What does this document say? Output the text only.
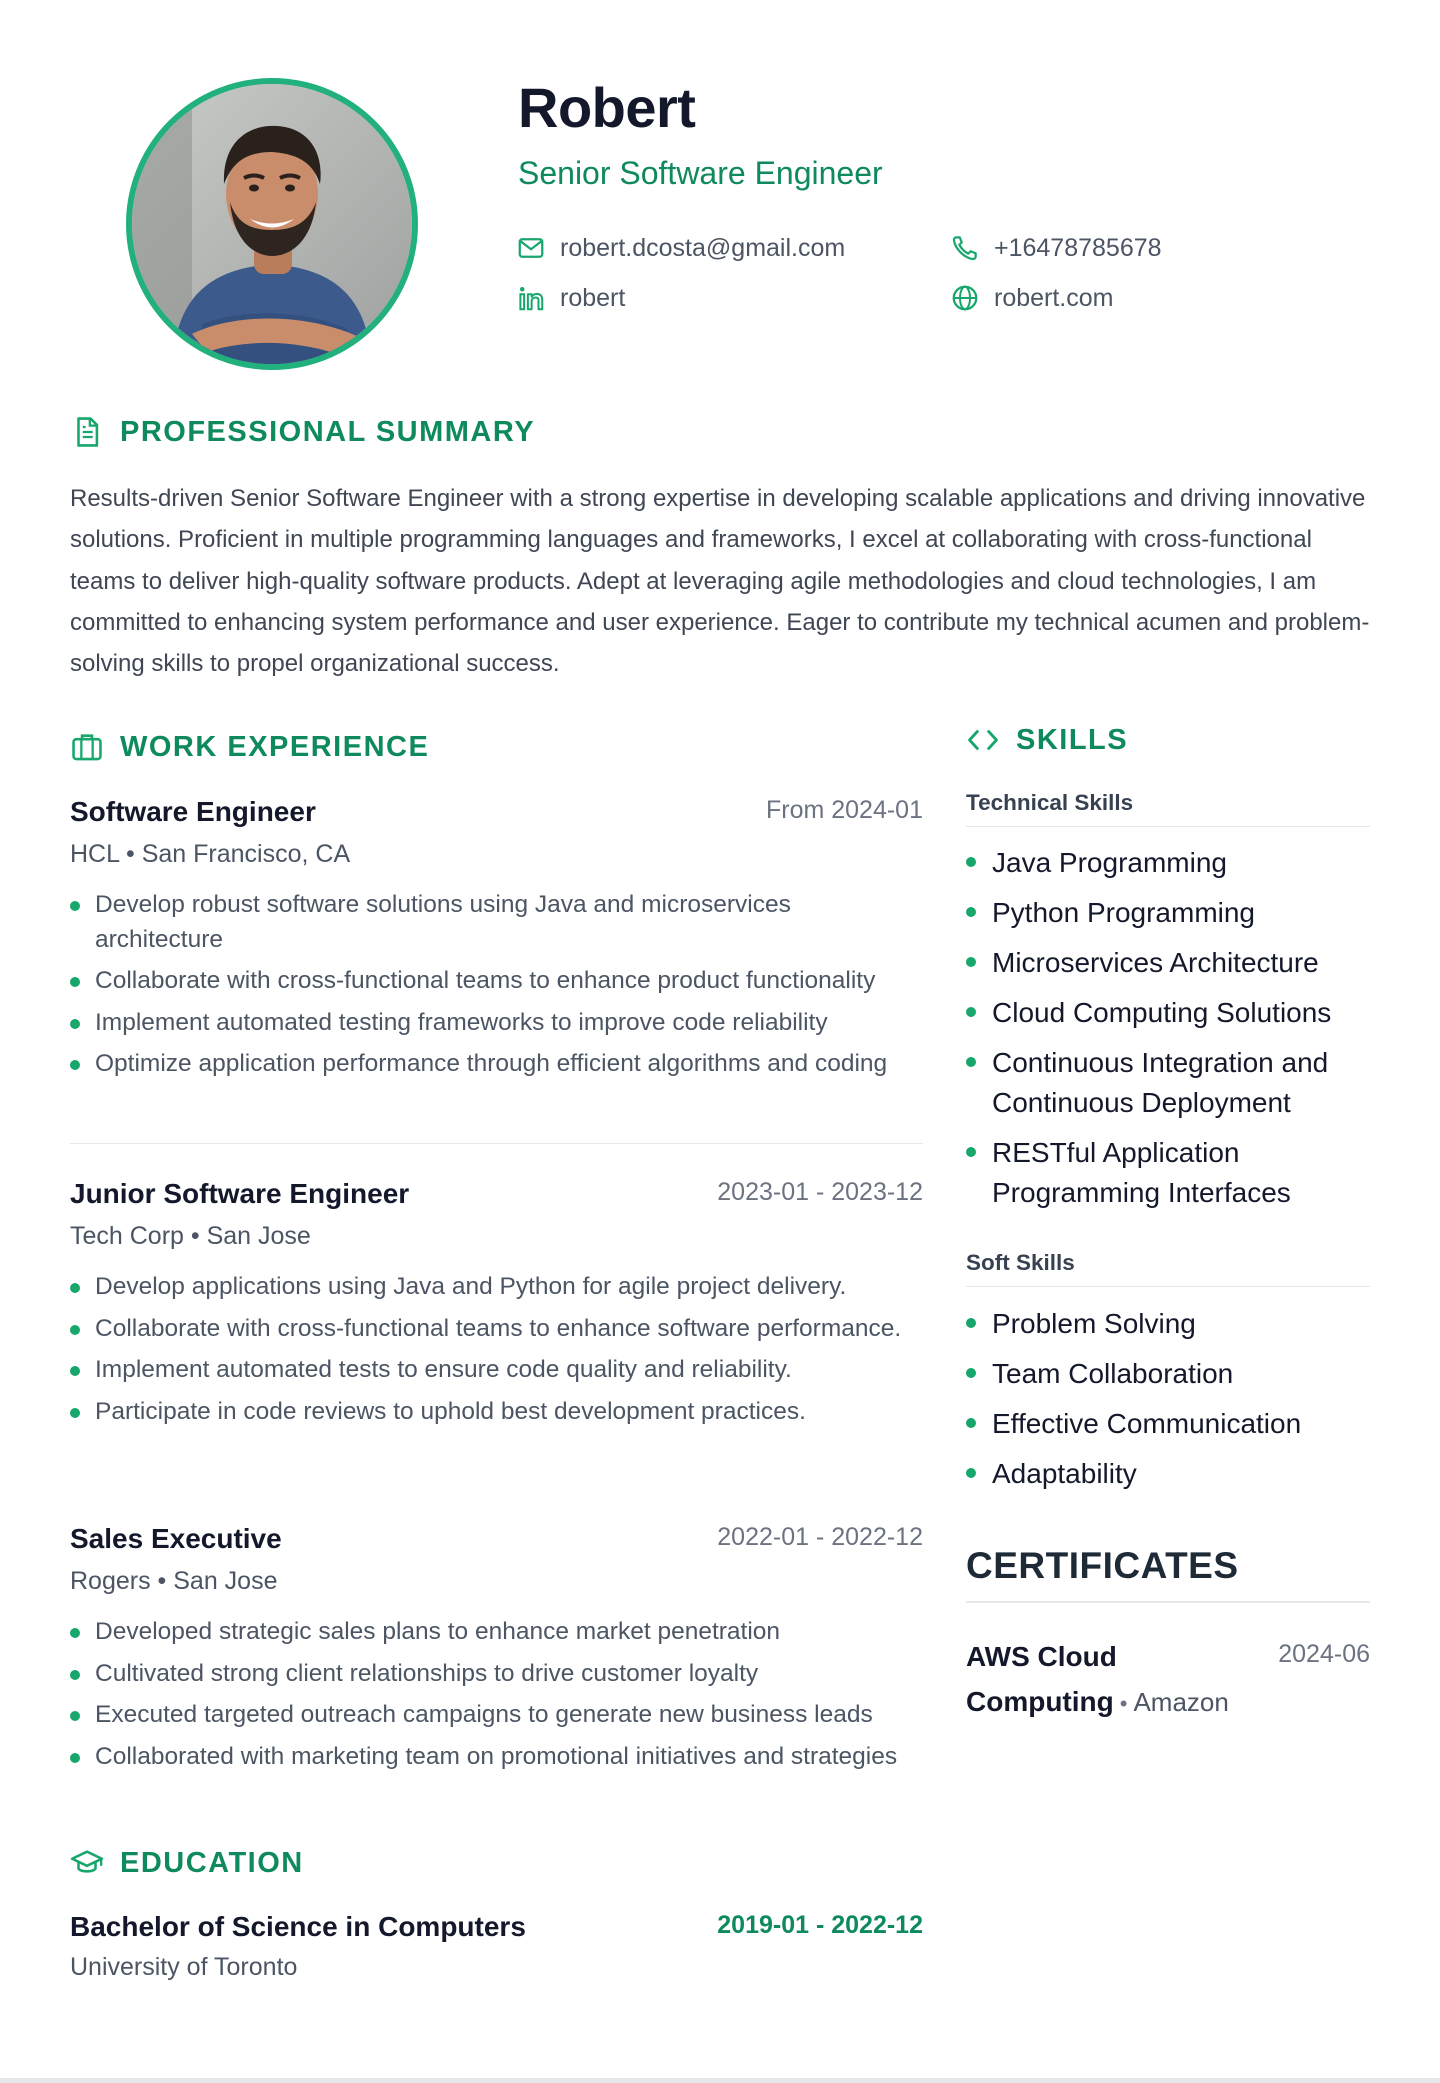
Robert
Senior Software Engineer
robert.dcosta@gmail.com	+16478785678
robert	robert.com
PROFESSIONAL SUMMARY

Results-driven Senior Software Engineer with a strong expertise in developing scalable applications and driving innovative solutions. Proficient in multiple programming languages and frameworks, I excel at collaborating with cross-functional teams to deliver high-quality software products. Adept at leveraging agile methodologies and cloud technologies, I am committed to enhancing system performance and user experience. Eager to contribute my technical acumen and problem-solving skills to propel organizational success.

WORK EXPERIENCE
Software Engineer	From 2024-01
HCL • San Francisco, CA
Develop robust software solutions using Java and microservices architecture
Collaborate with cross-functional teams to enhance product functionality
Implement automated testing frameworks to improve code reliability
Optimize application performance through efficient algorithms and coding
Junior Software Engineer	2023-01 - 2023-12
Tech Corp • San Jose
Develop applications using Java and Python for agile project delivery.
Collaborate with cross-functional teams to enhance software performance.
Implement automated tests to ensure code quality and reliability.
Participate in code reviews to uphold best development practices.
Sales Executive	2022-01 - 2022-12
Rogers • San Jose
Developed strategic sales plans to enhance market penetration
Cultivated strong client relationships to drive customer loyalty
Executed targeted outreach campaigns to generate new business leads
Collaborated with marketing team on promotional initiatives and strategies
EDUCATION
Bachelor of Science in Computers	2019-01 - 2022-12
University of Toronto
SKILLS
Technical Skills
Java Programming
Python Programming
Microservices Architecture
Cloud Computing Solutions
Continuous Integration and Continuous Deployment
RESTful Application Programming Interfaces
Soft Skills
Problem Solving
Team Collaboration
Effective Communication
Adaptability
CERTIFICATES
AWS Cloud Computing • Amazon
2024-06
